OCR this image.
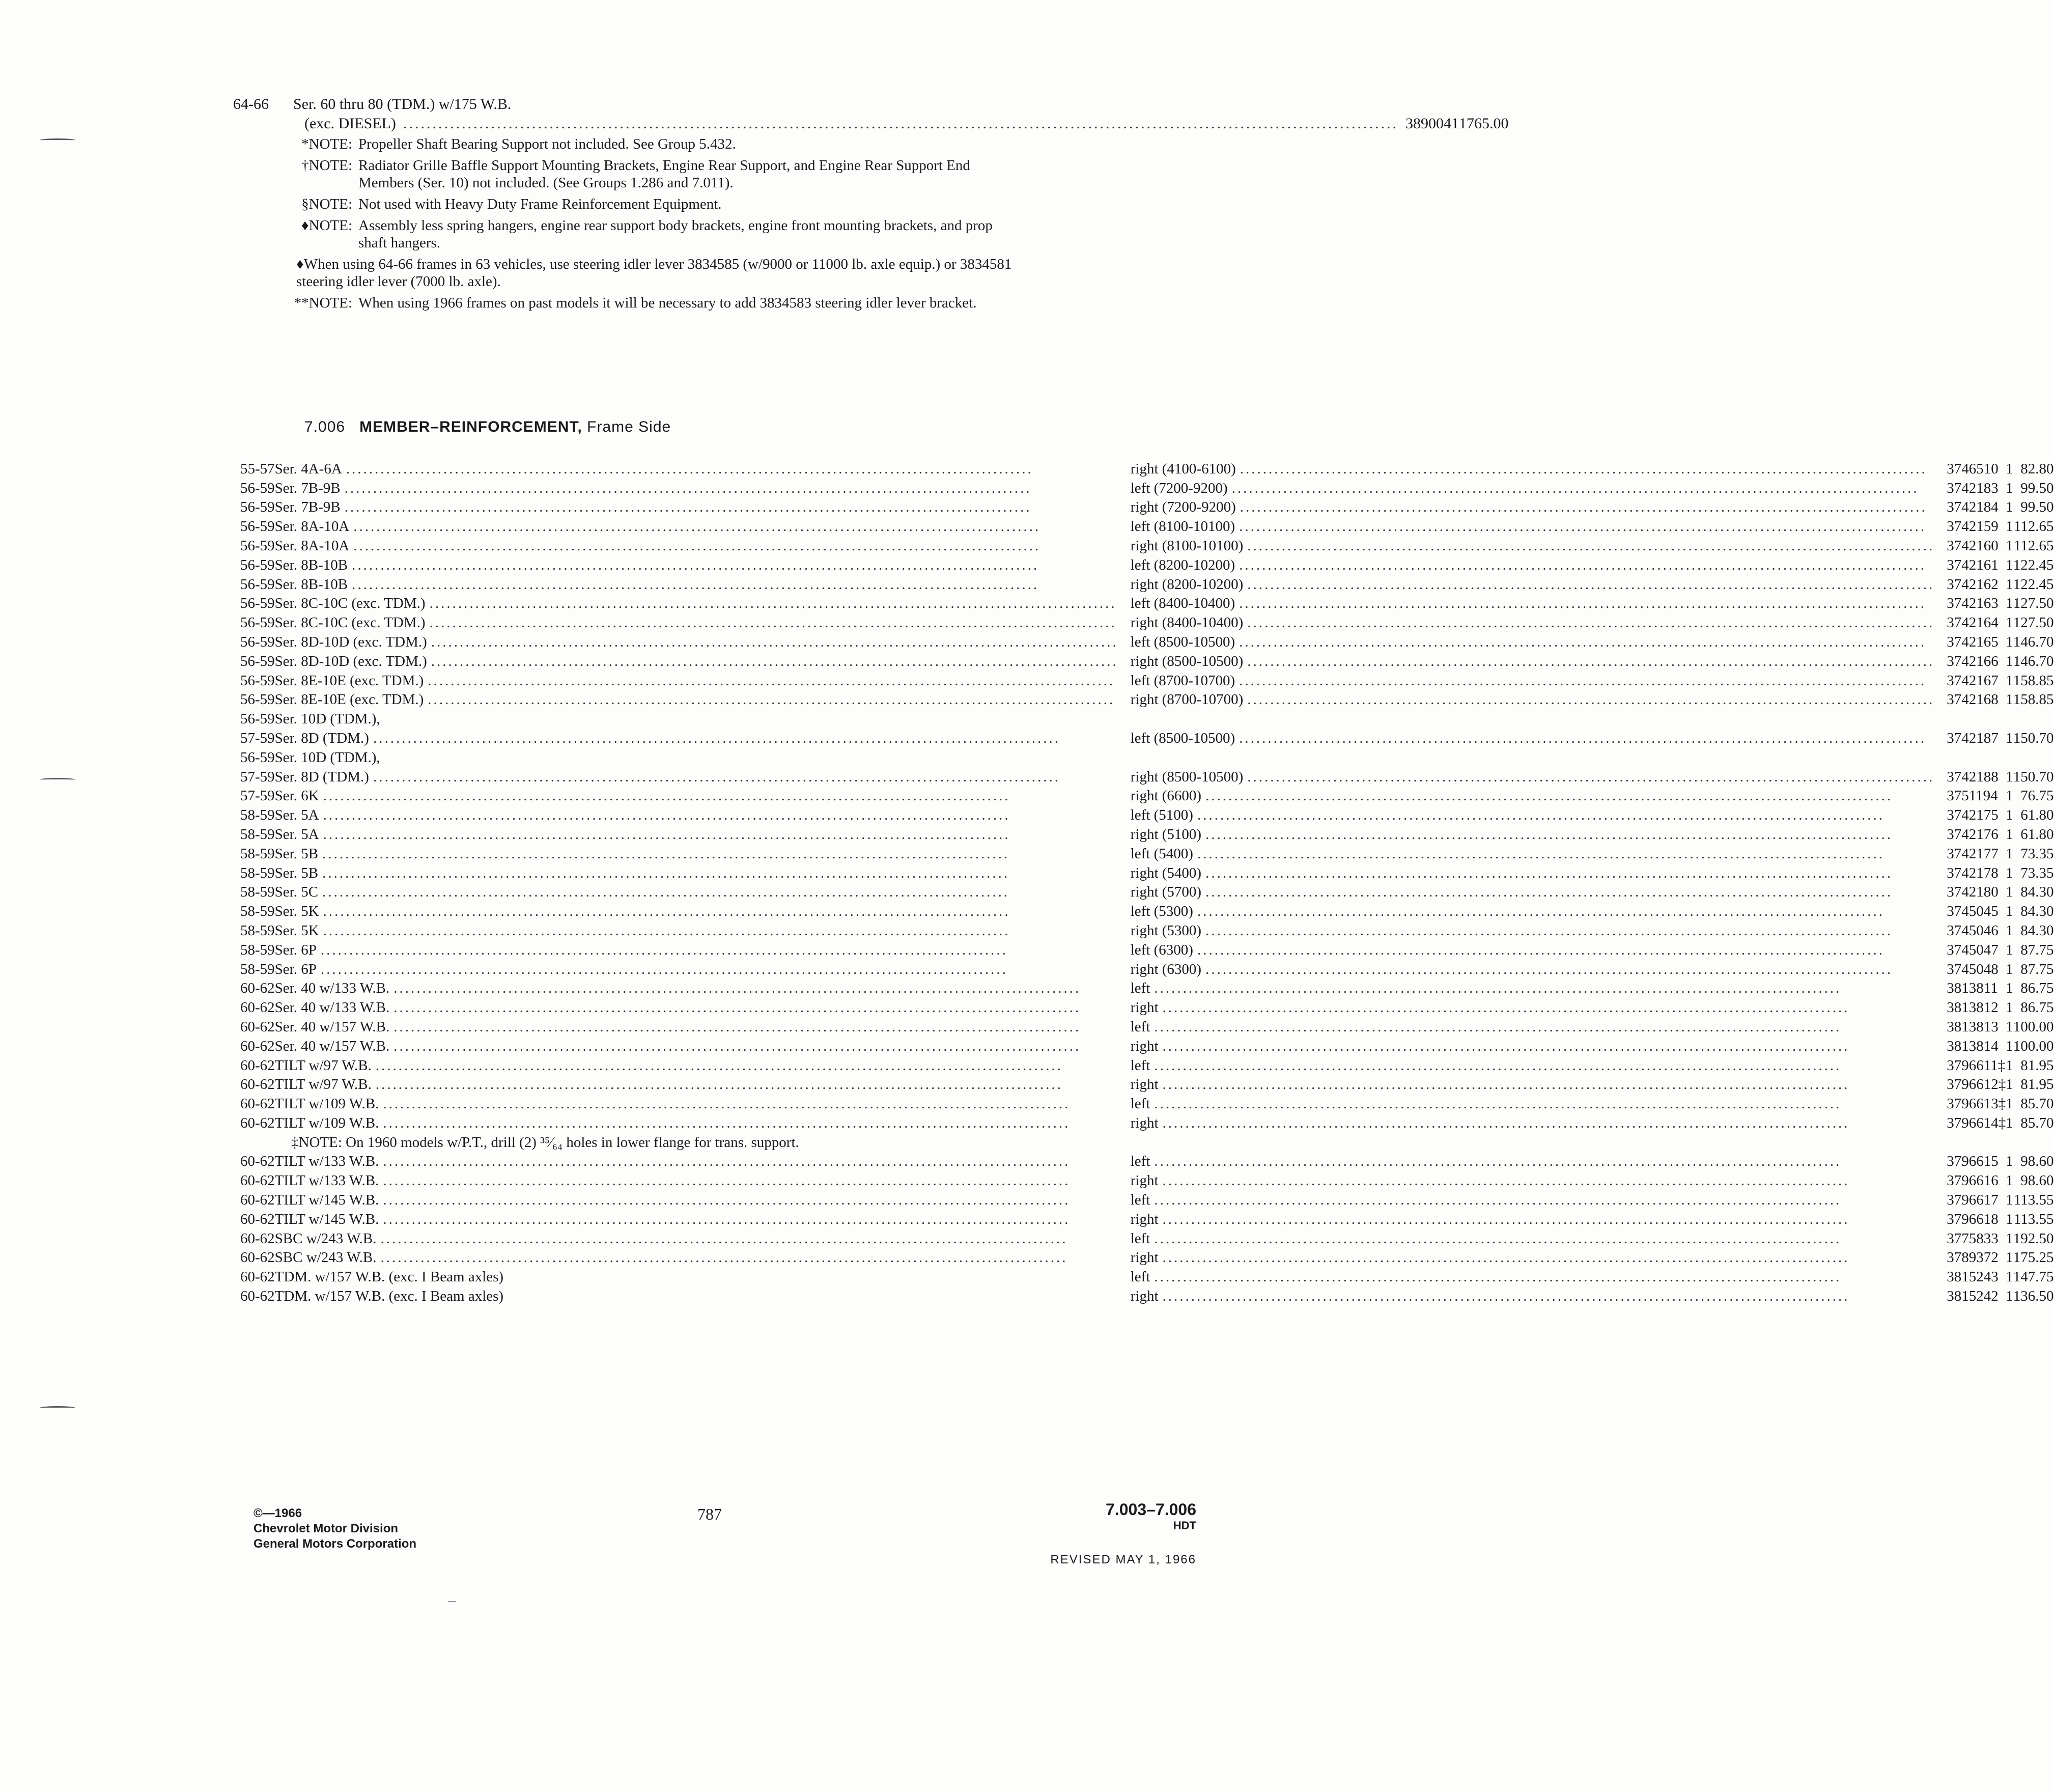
64-66	Ser. 60 thru 80 (TDM.) w/175 W.B.
(exc. DIESEL) .......................................................................................................................................................................... 3890041 1 765.00
*NOTE: Propeller Shaft Bearing Support not included. See Group 5.432.
†NOTE: Radiator Grille Baffle Support Mounting Brackets, Engine Rear Support, and Engine Rear Support End Members (Ser. 10) not included. (See Groups 1.286 and 7.011).
§NOTE: Not used with Heavy Duty Frame Reinforcement Equipment.
♦NOTE: Assembly less spring hangers, engine rear support body brackets, engine front mounting brackets, and prop shaft hangers.
♦When using 64-66 frames in 63 vehicles, use steering idler lever 3834585 (w/9000 or 11000 lb. axle equip.) or 3834581 steering idler lever (7000 lb. axle).
**NOTE: When using 1966 frames on past models it will be necessary to add 3834583 steering idler lever bracket.
7.006 MEMBER–REINFORCEMENT, Frame Side
55-57	Ser. 4A-6A ........................................................................................................................	right (4100-6100) ........................................................................................................................	3746510	1	82.80
56-59	Ser. 7B-9B ........................................................................................................................	left (7200-9200) ........................................................................................................................	3742183	1	99.50
56-59	Ser. 7B-9B ........................................................................................................................	right (7200-9200) ........................................................................................................................	3742184	1	99.50
56-59	Ser. 8A-10A ........................................................................................................................	left (8100-10100) ........................................................................................................................	3742159	1	112.65
56-59	Ser. 8A-10A ........................................................................................................................	right (8100-10100) ........................................................................................................................	3742160	1	112.65
56-59	Ser. 8B-10B ........................................................................................................................	left (8200-10200) ........................................................................................................................	3742161	1	122.45
56-59	Ser. 8B-10B ........................................................................................................................	right (8200-10200) ........................................................................................................................	3742162	1	122.45
56-59	Ser. 8C-10C (exc. TDM.) ........................................................................................................................	left (8400-10400) ........................................................................................................................	3742163	1	127.50
56-59	Ser. 8C-10C (exc. TDM.) ........................................................................................................................	right (8400-10400) ........................................................................................................................	3742164	1	127.50
56-59	Ser. 8D-10D (exc. TDM.) ........................................................................................................................	left (8500-10500) ........................................................................................................................	3742165	1	146.70
56-59	Ser. 8D-10D (exc. TDM.) ........................................................................................................................	right (8500-10500) ........................................................................................................................	3742166	1	146.70
56-59	Ser. 8E-10E (exc. TDM.) ........................................................................................................................	left (8700-10700) ........................................................................................................................	3742167	1	158.85
56-59	Ser. 8E-10E (exc. TDM.) ........................................................................................................................	right (8700-10700) ........................................................................................................................	3742168	1	158.85
56-59	Ser. 10D (TDM.),				

57-59	Ser. 8D (TDM.) ........................................................................................................................	left (8500-10500) ........................................................................................................................	3742187	1	150.70
56-59	Ser. 10D (TDM.),				

57-59	Ser. 8D (TDM.) ........................................................................................................................	right (8500-10500) ........................................................................................................................	3742188	1	150.70
57-59	Ser. 6K ........................................................................................................................	right (6600) ........................................................................................................................	3751194	1	76.75
58-59	Ser. 5A ........................................................................................................................	left (5100) ........................................................................................................................	3742175	1	61.80
58-59	Ser. 5A ........................................................................................................................	right (5100) ........................................................................................................................	3742176	1	61.80
58-59	Ser. 5B ........................................................................................................................	left (5400) ........................................................................................................................	3742177	1	73.35
58-59	Ser. 5B ........................................................................................................................	right (5400) ........................................................................................................................	3742178	1	73.35
58-59	Ser. 5C ........................................................................................................................	right (5700) ........................................................................................................................	3742180	1	84.30
58-59	Ser. 5K ........................................................................................................................	left (5300) ........................................................................................................................	3745045	1	84.30
58-59	Ser. 5K ........................................................................................................................	right (5300) ........................................................................................................................	3745046	1	84.30
58-59	Ser. 6P ........................................................................................................................	left (6300) ........................................................................................................................	3745047	1	87.75
58-59	Ser. 6P ........................................................................................................................	right (6300) ........................................................................................................................	3745048	1	87.75
60-62	Ser. 40 w/133 W.B. ........................................................................................................................	left ........................................................................................................................	3813811	1	86.75
60-62	Ser. 40 w/133 W.B. ........................................................................................................................	right ........................................................................................................................	3813812	1	86.75
60-62	Ser. 40 w/157 W.B. ........................................................................................................................	left ........................................................................................................................	3813813	1	100.00
60-62	Ser. 40 w/157 W.B. ........................................................................................................................	right ........................................................................................................................	3813814	1	100.00
60-62	TILT w/97 W.B. ........................................................................................................................	left ........................................................................................................................	3796611‡	1	81.95
60-62	TILT w/97 W.B. ........................................................................................................................	right ........................................................................................................................	3796612‡	1	81.95
60-62	TILT w/109 W.B. ........................................................................................................................	left ........................................................................................................................	3796613‡	1	85.70
60-62	TILT w/109 W.B. ........................................................................................................................	right ........................................................................................................................	3796614‡	1	85.70
‡NOTE: On 1960 models w/P.T., drill (2) ³⁵⁄₆₄ holes in lower flange for trans. support.					
60-62	TILT w/133 W.B. ........................................................................................................................	left ........................................................................................................................	3796615	1	98.60
60-62	TILT w/133 W.B. ........................................................................................................................	right ........................................................................................................................	3796616	1	98.60
60-62	TILT w/145 W.B. ........................................................................................................................	left ........................................................................................................................	3796617	1	113.55
60-62	TILT w/145 W.B. ........................................................................................................................	right ........................................................................................................................	3796618	1	113.55
60-62	SBC w/243 W.B. ........................................................................................................................	left ........................................................................................................................	3775833	1	192.50
60-62	SBC w/243 W.B. ........................................................................................................................	right ........................................................................................................................	3789372	1	175.25
60-62	TDM. w/157 W.B. (exc. I Beam axles)	left ........................................................................................................................	3815243	1	147.75
60-62	TDM. w/157 W.B. (exc. I Beam axles)	right ........................................................................................................................	3815242	1	136.50
©—1966
Chevrolet Motor Division
General Motors Corporation
787	7.003–7.006
HDT
REVISED MAY 1, 1966
